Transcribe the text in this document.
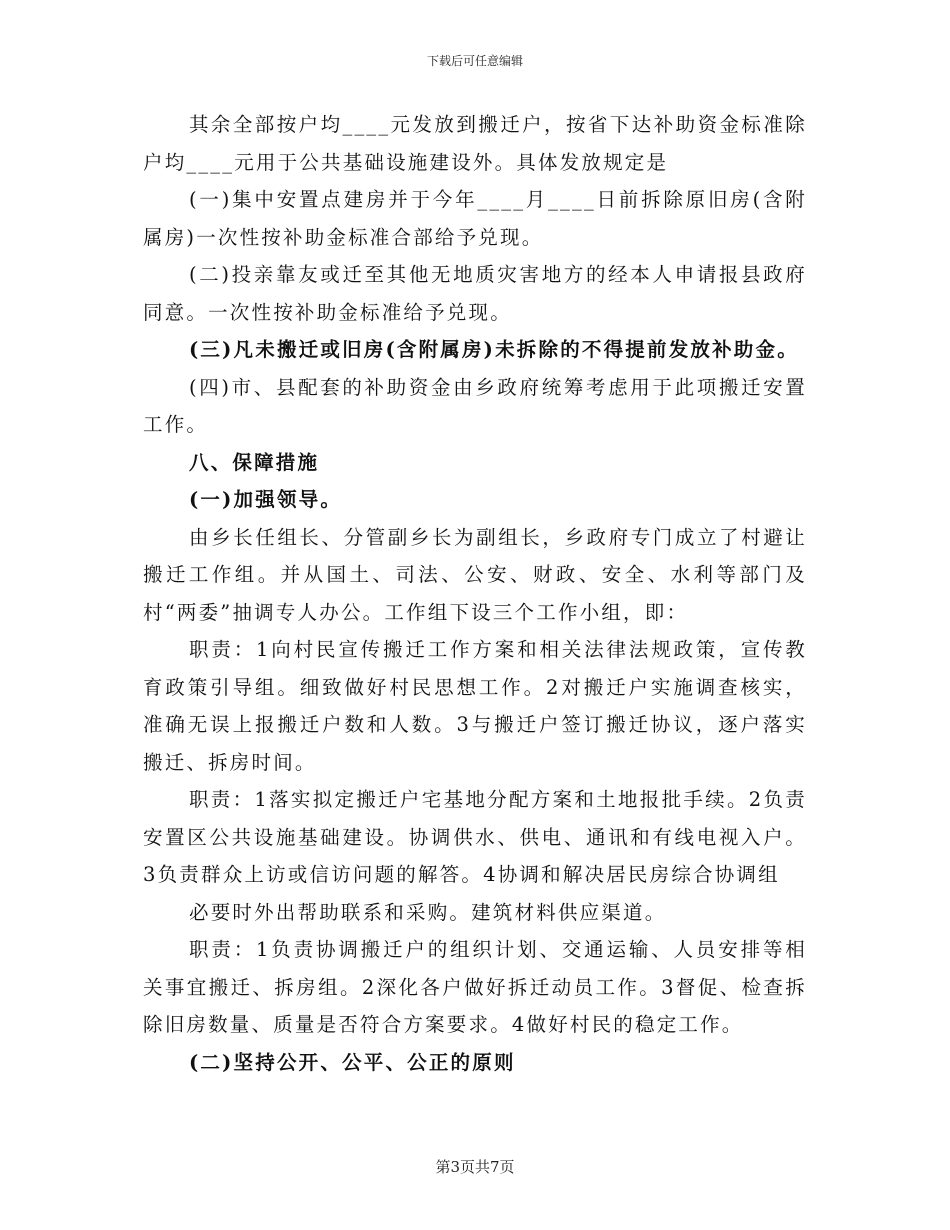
下载后可任意编辑

其余全部按户均____元发放到搬迁户，按省下达补助资金标准除户均____元用于公共基础设施建设外。具体发放规定是

(一)集中安置点建房并于今年____月____日前拆除原旧房(含附属房)一次性按补助金标准合部给予兑现。

(二)投亲靠友或迁至其他无地质灾害地方的经本人申请报县政府同意。一次性按补助金标准给予兑现。

(三)凡未搬迁或旧房(含附属房)未拆除的不得提前发放补助金。

(四)市、县配套的补助资金由乡政府统筹考虑用于此项搬迁安置工作。

八、保障措施

(一)加强领导。

由乡长任组长、分管副乡长为副组长，乡政府专门成立了村避让搬迁工作组。并从国土、司法、公安、财政、安全、水利等部门及村“两委”抽调专人办公。工作组下设三个工作小组，即：

职责：1向村民宣传搬迁工作方案和相关法律法规政策，宣传教育政策引导组。细致做好村民思想工作。2对搬迁户实施调查核实，准确无误上报搬迁户数和人数。3与搬迁户签订搬迁协议，逐户落实搬迁、拆房时间。

职责：1落实拟定搬迁户宅基地分配方案和土地报批手续。2负责安置区公共设施基础建设。协调供水、供电、通讯和有线电视入户。3负责群众上访或信访问题的解答。4协调和解决居民房综合协调组

必要时外出帮助联系和采购。建筑材料供应渠道。

职责：1负责协调搬迁户的组织计划、交通运输、人员安排等相关事宜搬迁、拆房组。2深化各户做好拆迁动员工作。3督促、检查拆除旧房数量、质量是否符合方案要求。4做好村民的稳定工作。

(二)坚持公开、公平、公正的原则

第3页共7页
